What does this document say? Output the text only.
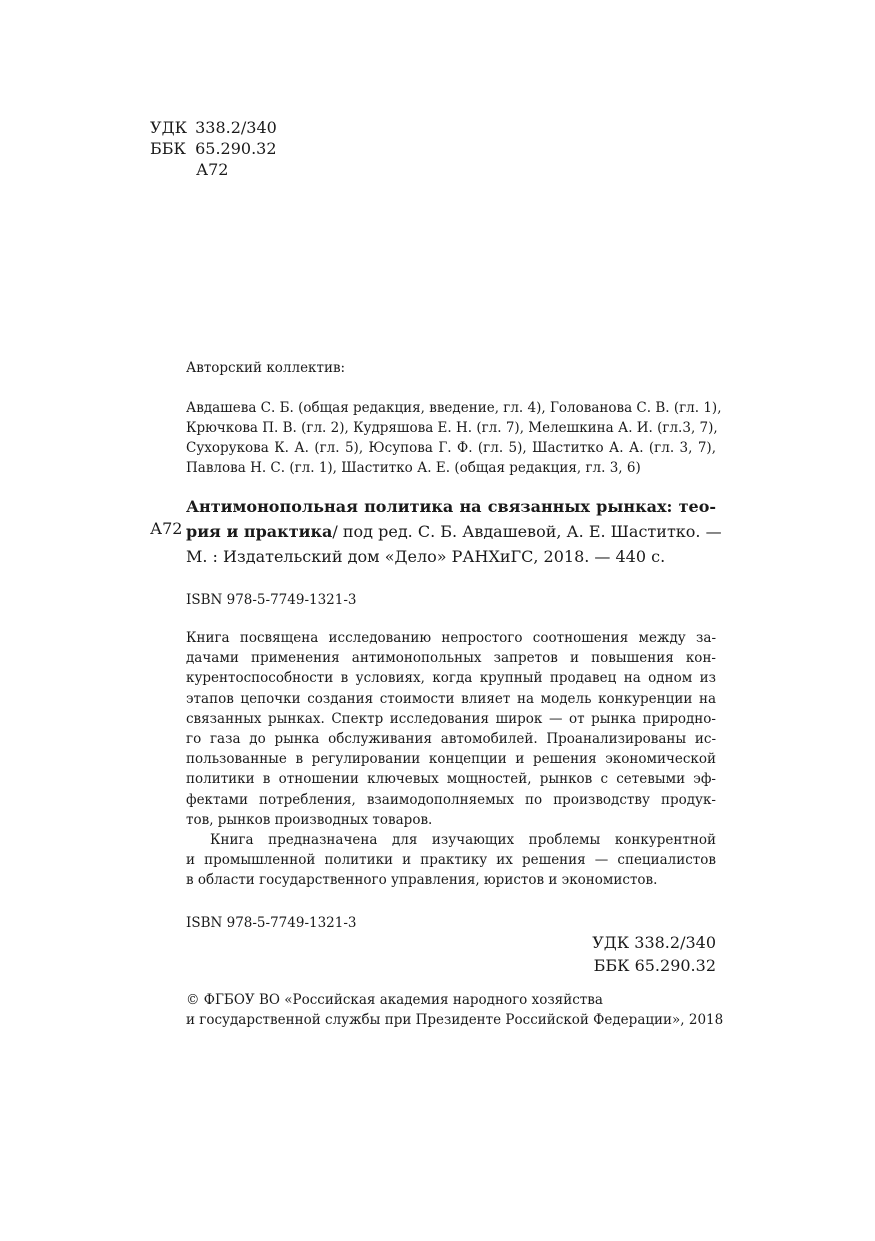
УДК 338.2/340
ББК 65.290.32
А72
Авторский коллектив:
Авдашева С. Б. (общая редакция, введение, гл. 4), Голованова С. В. (гл. 1),
Крючкова П. В. (гл. 2), Кудряшова Е. Н. (гл. 7), Мелешкина А. И. (гл.3, 7),
Сухорукова К. А. (гл. 5), Юсупова Г. Ф. (гл. 5), Шаститко А. А. (гл. 3, 7),
Павлова Н. С. (гл. 1), Шаститко А. Е. (общая редакция, гл. 3, 6)
А72
Антимонопольная политика на связанных рынках: тео-
рия и практика/ под ред. С. Б. Авдашевой, А. Е. Шаститко. —
М. : Издательский дом «Дело» РАНХиГС, 2018. — 440 с.
ISBN 978-5-7749-1321-3
Книга посвящена исследованию непростого соотношения между за-
дачами применения антимонопольных запретов и повышения кон-
курентоспособности в условиях, когда крупный продавец на одном из
этапов цепочки создания стоимости влияет на модель конкуренции на
связанных рынках. Спектр исследования широк — от рынка природно-
го газа до рынка обслуживания автомобилей. Проанализированы ис-
пользованные в регулировании концепции и решения экономической
политики в отношении ключевых мощностей, рынков с сетевыми эф-
фектами потребления, взаимодополняемых по производству продук-
тов, рынков производных товаров.
Книга предназначена для изучающих проблемы конкурентной
и промышленной политики и практику их решения — специалистов
в области государственного управления, юристов и экономистов.
ISBN 978-5-7749-1321-3
УДК 338.2/340
ББК 65.290.32
© ФГБОУ ВО «Российская академия народного хозяйства
и государственной службы при Президенте Российской Федерации», 2018
